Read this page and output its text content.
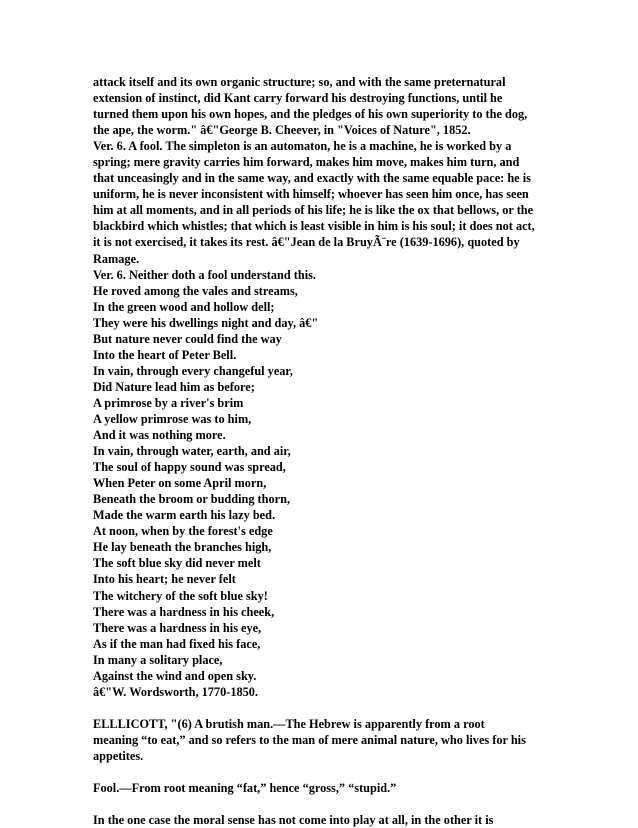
attack itself and its own organic structure; so, and with the same preternatural
extension of instinct, did Kant carry forward his destroying functions, until he
turned them upon his own hopes, and the pledges of his own superiority to the dog,
the ape, the worm." â€"George B. Cheever, in "Voices of Nature", 1852.
Ver. 6. A fool. The simpleton is an automaton, he is a machine, he is worked by a
spring; mere gravity carries him forward, makes him move, makes him turn, and
that unceasingly and in the same way, and exactly with the same equable pace: he is
uniform, he is never inconsistent with himself; whoever has seen him once, has seen
him at all moments, and in all periods of his life; he is like the ox that bellows, or the
blackbird which whistles; that which is least visible in him is his soul; it does not act,
it is not exercised, it takes its rest. â€"Jean de la BruyÃ¨re (1639-1696), quoted by
Ramage.
Ver. 6. Neither doth a fool understand this.
He roved among the vales and streams,
In the green wood and hollow dell;
They were his dwellings night and day, â€"
But nature never could find the way
Into the heart of Peter Bell.
In vain, through every changeful year,
Did Nature lead him as before;
A primrose by a river's brim
A yellow primrose was to him,
And it was nothing more.
In vain, through water, earth, and air,
The soul of happy sound was spread,
When Peter on some April morn,
Beneath the broom or budding thorn,
Made the warm earth his lazy bed.
At noon, when by the forest's edge
He lay beneath the branches high,
The soft blue sky did never melt
Into his heart; he never felt
The witchery of the soft blue sky!
There was a hardness in his cheek,
There was a hardness in his eye,
As if the man had fixed his face,
In many a solitary place,
Against the wind and open sky.
â€"W. Wordsworth, 1770-1850.
ELLLICOTT, "(6) A brutish man.—The Hebrew is apparently from a root
meaning “to eat,” and so refers to the man of mere animal nature, who lives for his
appetites.
Fool.—From root meaning “fat,” hence “gross,” “stupid.”
In the one case the moral sense has not come into play at all, in the other it is
